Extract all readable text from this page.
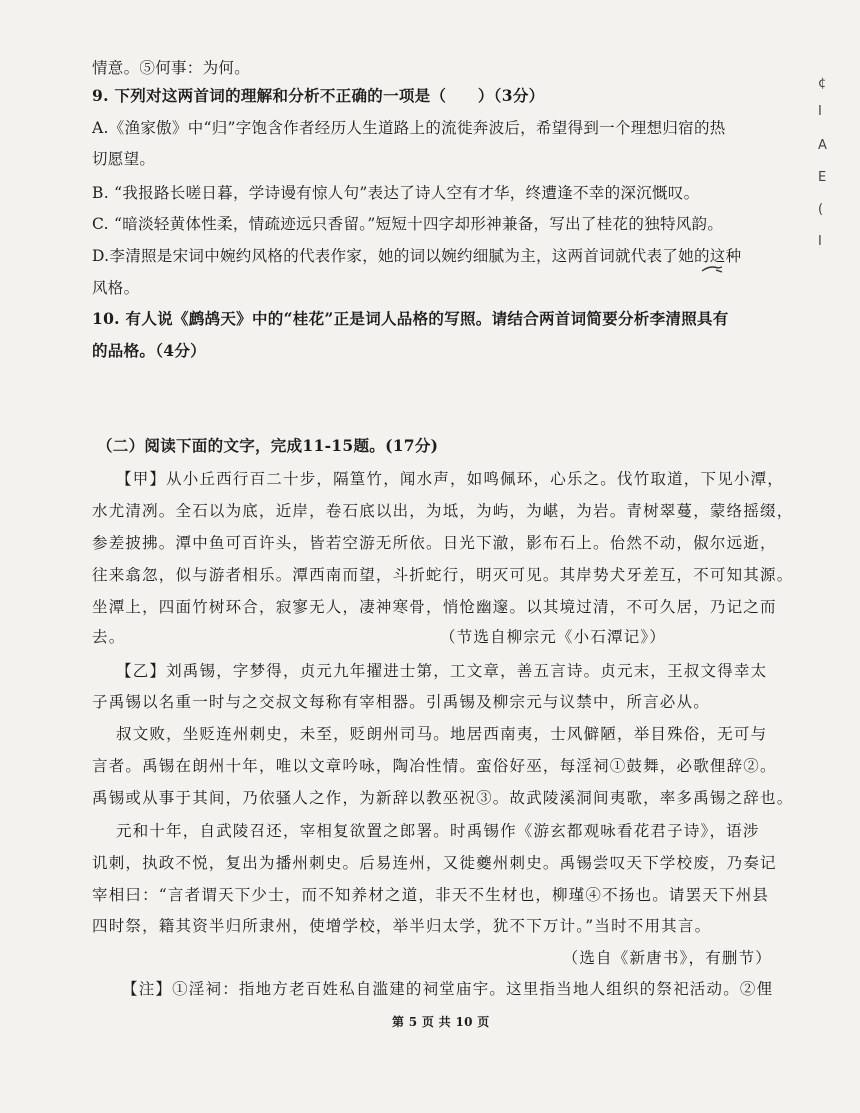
情意。⑤何事：为何。
9. 下列对这两首词的理解和分析不正确的一项是（　　）（3分）
A.《渔家傲》中“归”字饱含作者经历人生道路上的流徙奔波后，希望得到一个理想归宿的热
切愿望。
B. “我报路长嗟日暮，学诗谩有惊人句”表达了诗人空有才华，终遭逢不幸的深沉慨叹。
C. “暗淡轻黄体性柔，情疏迹远只香留。”短短十四字却形神兼备，写出了桂花的独特风韵。
D.李清照是宋词中婉约风格的代表作家，她的词以婉约细腻为主，这两首词就代表了她的这种
风格。
10. 有人说《鹧鸪天》中的“桂花”正是词人品格的写照。请结合两首词简要分析李清照具有
的品格。（4分）
（二）阅读下面的文字，完成11-15题。(17分)
【甲】从小丘西行百二十步，隔篁竹，闻水声，如鸣佩环，心乐之。伐竹取道，下见小潭，
水尤清冽。全石以为底，近岸，卷石底以出，为坻，为屿，为嵁，为岩。青树翠蔓，蒙络摇缀，
参差披拂。潭中鱼可百许头，皆若空游无所依。日光下澈，影布石上。佁然不动，俶尔远逝，
往来翕忽，似与游者相乐。潭西南而望，斗折蛇行，明灭可见。其岸势犬牙差互，不可知其源。
坐潭上，四面竹树环合，寂寥无人，凄神寒骨，悄怆幽邃。以其境过清，不可久居，乃记之而
去。	（节选自柳宗元《小石潭记》）
【乙】刘禹锡，字梦得，贞元九年擢进士第，工文章，善五言诗。贞元末，王叔文得幸太
子禹锡以名重一时与之交叔文每称有宰相器。引禹锡及柳宗元与议禁中，所言必从。
叔文败，坐贬连州刺史，未至，贬朗州司马。地居西南夷，士风僻陋，举目殊俗，无可与
言者。禹锡在朗州十年，唯以文章吟咏，陶冶性情。蛮俗好巫，每淫祠①鼓舞，必歌俚辞②。
禹锡或从事于其间，乃依骚人之作，为新辞以教巫祝③。故武陵溪洞间夷歌，率多禹锡之辞也。
元和十年，自武陵召还，宰相复欲置之郎署。时禹锡作《游玄都观咏看花君子诗》，语涉
讥刺，执政不悦，复出为播州刺史。后易连州，又徙夔州刺史。禹锡尝叹天下学校废，乃奏记
宰相曰：“言者谓天下少士，而不知养材之道，非天不生材也，柳瑾④不扬也。请罢天下州县
四时祭，籍其资半归所隶州，使增学校，举半归太学，犹不下万计。”当时不用其言。
（选自《新唐书》，有删节）
【注】①淫祠：指地方老百姓私自滥建的祠堂庙宇。这里指当地人组织的祭祀活动。②俚
第 5 页 共 10 页
¢
I
A
E
(
I
